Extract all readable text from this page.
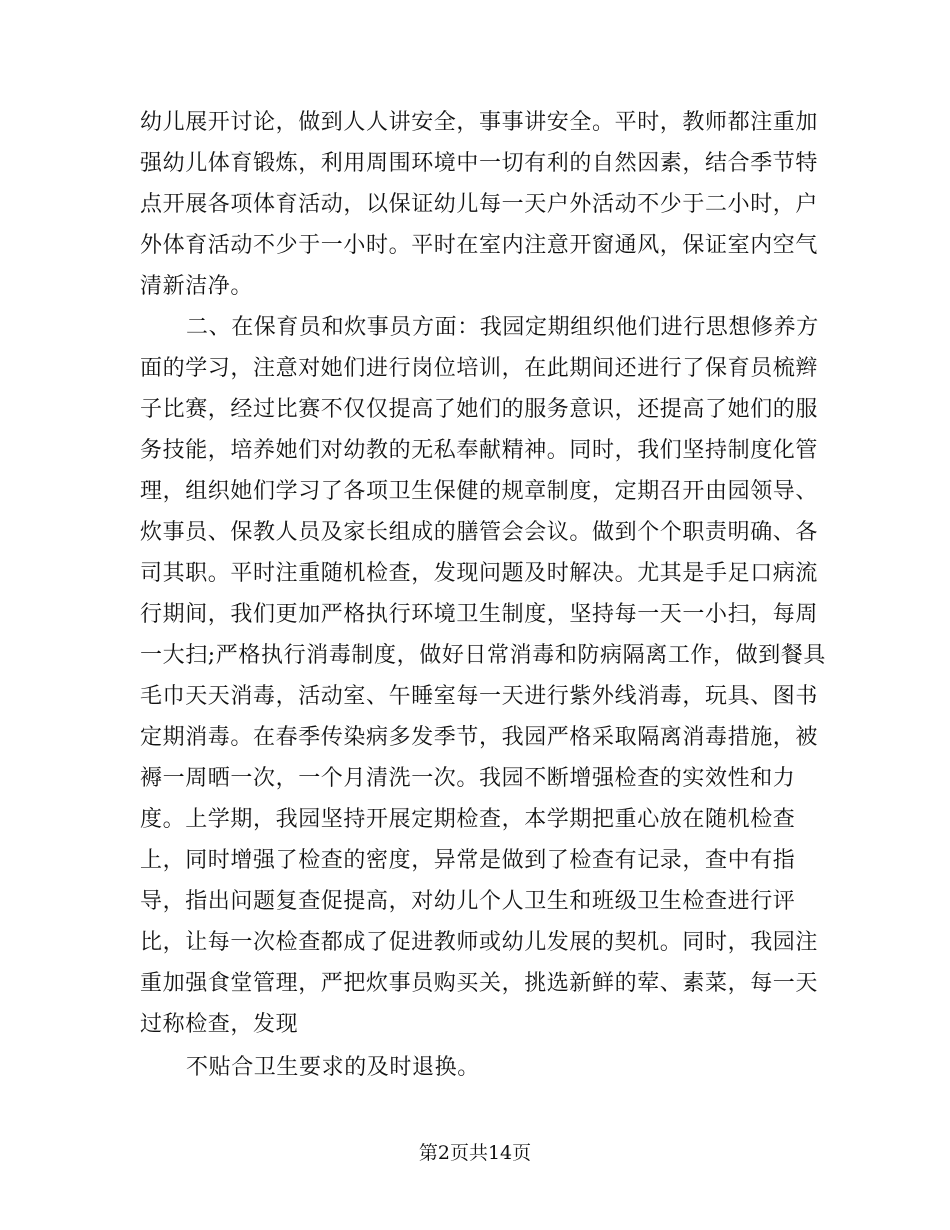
幼儿展开讨论，做到人人讲安全，事事讲安全。平时，教师都注重加
强幼儿体育锻炼，利用周围环境中一切有利的自然因素，结合季节特
点开展各项体育活动，以保证幼儿每一天户外活动不少于二小时，户
外体育活动不少于一小时。平时在室内注意开窗通风，保证室内空气
清新洁净。
二、在保育员和炊事员方面：我园定期组织他们进行思想修养方
面的学习，注意对她们进行岗位培训，在此期间还进行了保育员梳辫
子比赛，经过比赛不仅仅提高了她们的服务意识，还提高了她们的服
务技能，培养她们对幼教的无私奉献精神。同时，我们坚持制度化管
理，组织她们学习了各项卫生保健的规章制度，定期召开由园领导、
炊事员、保教人员及家长组成的膳管会会议。做到个个职责明确、各
司其职。平时注重随机检查，发现问题及时解决。尤其是手足口病流
行期间，我们更加严格执行环境卫生制度，坚持每一天一小扫，每周
一大扫;严格执行消毒制度，做好日常消毒和防病隔离工作，做到餐具
毛巾天天消毒，活动室、午睡室每一天进行紫外线消毒，玩具、图书
定期消毒。在春季传染病多发季节，我园严格采取隔离消毒措施，被
褥一周晒一次，一个月清洗一次。我园不断增强检查的实效性和力
度。上学期，我园坚持开展定期检查，本学期把重心放在随机检查
上，同时增强了检查的密度，异常是做到了检查有记录，查中有指
导，指出问题复查促提高，对幼儿个人卫生和班级卫生检查进行评
比，让每一次检查都成了促进教师或幼儿发展的契机。同时，我园注
重加强食堂管理，严把炊事员购买关，挑选新鲜的荤、素菜，每一天
过称检查，发现
不贴合卫生要求的及时退换。
第2页共14页
